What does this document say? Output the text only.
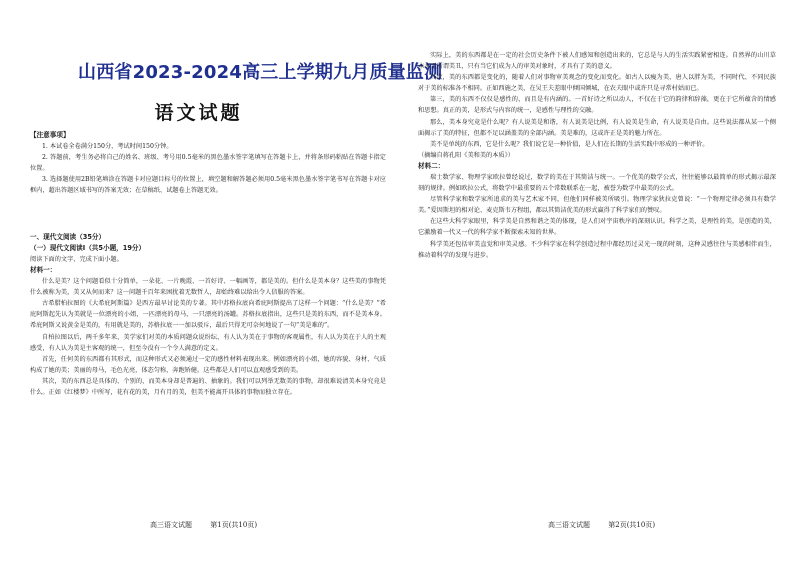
山西省2023-2024高三上学期九月质量监测
语文试题
【注意事项】

1. 本试卷全卷满分150分，考试时间150分钟。

2. 答题前，考生务必将自己的姓名、班级、考号用0.5毫米的黑色墨水签字笔填写在答题卡上，并将条形码粘贴在答题卡指定位置。

3. 选择题使用2B铅笔填涂在答题卡对应题目标号的位置上，填空题和解答题必须用0.5毫米黑色墨水签字笔书写在答题卡对应框内，超出答题区域书写的答案无效；在草稿纸、试题卷上答题无效。

一、现代文阅读（35分）
（一）现代文阅读Ⅰ（共5小题，19分）

阅读下面的文字，完成下面小题。

材料一：

什么是美？这个问题看似十分简单，一朵花、一片晚霞、一首好诗、一幅画等，都是美的。但什么是美本身？这些美的事物凭什么被称为美，美又从何而来？这一问题千百年来困扰着无数哲人，却始终难以给出令人信服的答案。

古希腊柏拉图的《大希庇阿斯篇》是西方最早讨论美的专著。其中苏格拉底向希庇阿斯提出了这样一个问题：“什么是美？”希庇阿斯起先认为美就是一位漂亮的小姐，一匹漂亮的母马，一只漂亮的汤罐。苏格拉底指出，这些只是美的东西，而不是美本身。希庇阿斯又说黄金是美的，有用就是美的，苏格拉底一一加以驳斥，最后只得无可奈何地说了一句“美是难的”。

自柏拉图以后，两千多年来，美学家们对美的本质问题众说纷纭，有人认为美在于事物的客观属性，有人认为美在于人的主观感受，有人认为美是主客观的统一，但至今没有一个令人满意的定义。

首先，任何美的东西都有其形式，而这种形式又必须通过一定的感性材料表现出来。例如漂亮的小姐，她的容貌、身材、气质构成了她的美；美丽的母马，毛色光亮，体态匀称，奔跑矫健。这些都是人们可以直观感受到的美。

其次，美的东西总是具体的、个别的，而美本身却是普遍的、抽象的。我们可以列举无数美的事物，却很难说清美本身究竟是什么。正如《红楼梦》中所写，花有花的美，月有月的美，但美不能离开具体的事物而独立存在。

高三语文试题	第1页(共10页)

实际上，美的东西都是在一定的社会历史条件下被人们感知和创造出来的，它总是与人的生活实践紧密相连。自然界的山川草木本无所谓美丑，只有当它们成为人的审美对象时，才具有了美的意义。

其次，美的东西都是变化的，随着人们对事物审美观念的变化而变化。如古人以瘦为美，唐人以胖为美，不同时代、不同民族对于美的标准各不相同。正如西施之美，在吴王夫差眼中倾国倾城，在农夫眼中或许只是寻常村姑而已。

第三，美的东西不仅仅是感性的，而且是有内涵的。一首好诗之所以动人，不仅在于它的韵律和辞藻，更在于它所蕴含的情感和思想。真正的美，是形式与内容的统一，是感性与理性的交融。

那么，美本身究竟是什么呢？有人说美是和谐，有人说美是比例，有人说美是生命，有人说美是自由。这些说法都从某一个侧面揭示了美的特征，但都不足以涵盖美的全部内涵。美是难的，这或许正是美的魅力所在。

美不是单纯的东西，它是什么呢？我们说它是一种价值，是人们在长期的生活实践中形成的一种评价。

（摘编自蒋孔阳《美和美的本质》）

材料二：

瑞士数学家、物理学家欧拉曾经说过，数学的美在于其简洁与统一。一个优美的数学公式，往往能够以最简单的形式揭示最深刻的规律。例如欧拉公式，将数学中最重要的五个常数联系在一起，被誉为数学中最美的公式。

尽管科学家和数学家所追求的美与艺术家不同，但他们同样被美所吸引。物理学家狄拉克曾说：“一个物理定律必须具有数学美。”爱因斯坦的相对论、麦克斯韦方程组，都以其简洁优美的形式赢得了科学家们的赞叹。

在这些大科学家眼里，科学美是自然和谐之美的体现，是人们对宇宙秩序的深刻认识。科学之美，是理性的美，是创造的美，它激励着一代又一代的科学家不断探索未知的世界。

科学美还包括审美直觉和审美灵感。不少科学家在科学创造过程中都经历过灵光一现的时刻，这种灵感往往与美感相伴而生，推动着科学的发现与进步。

高三语文试题	第2页(共10页)
